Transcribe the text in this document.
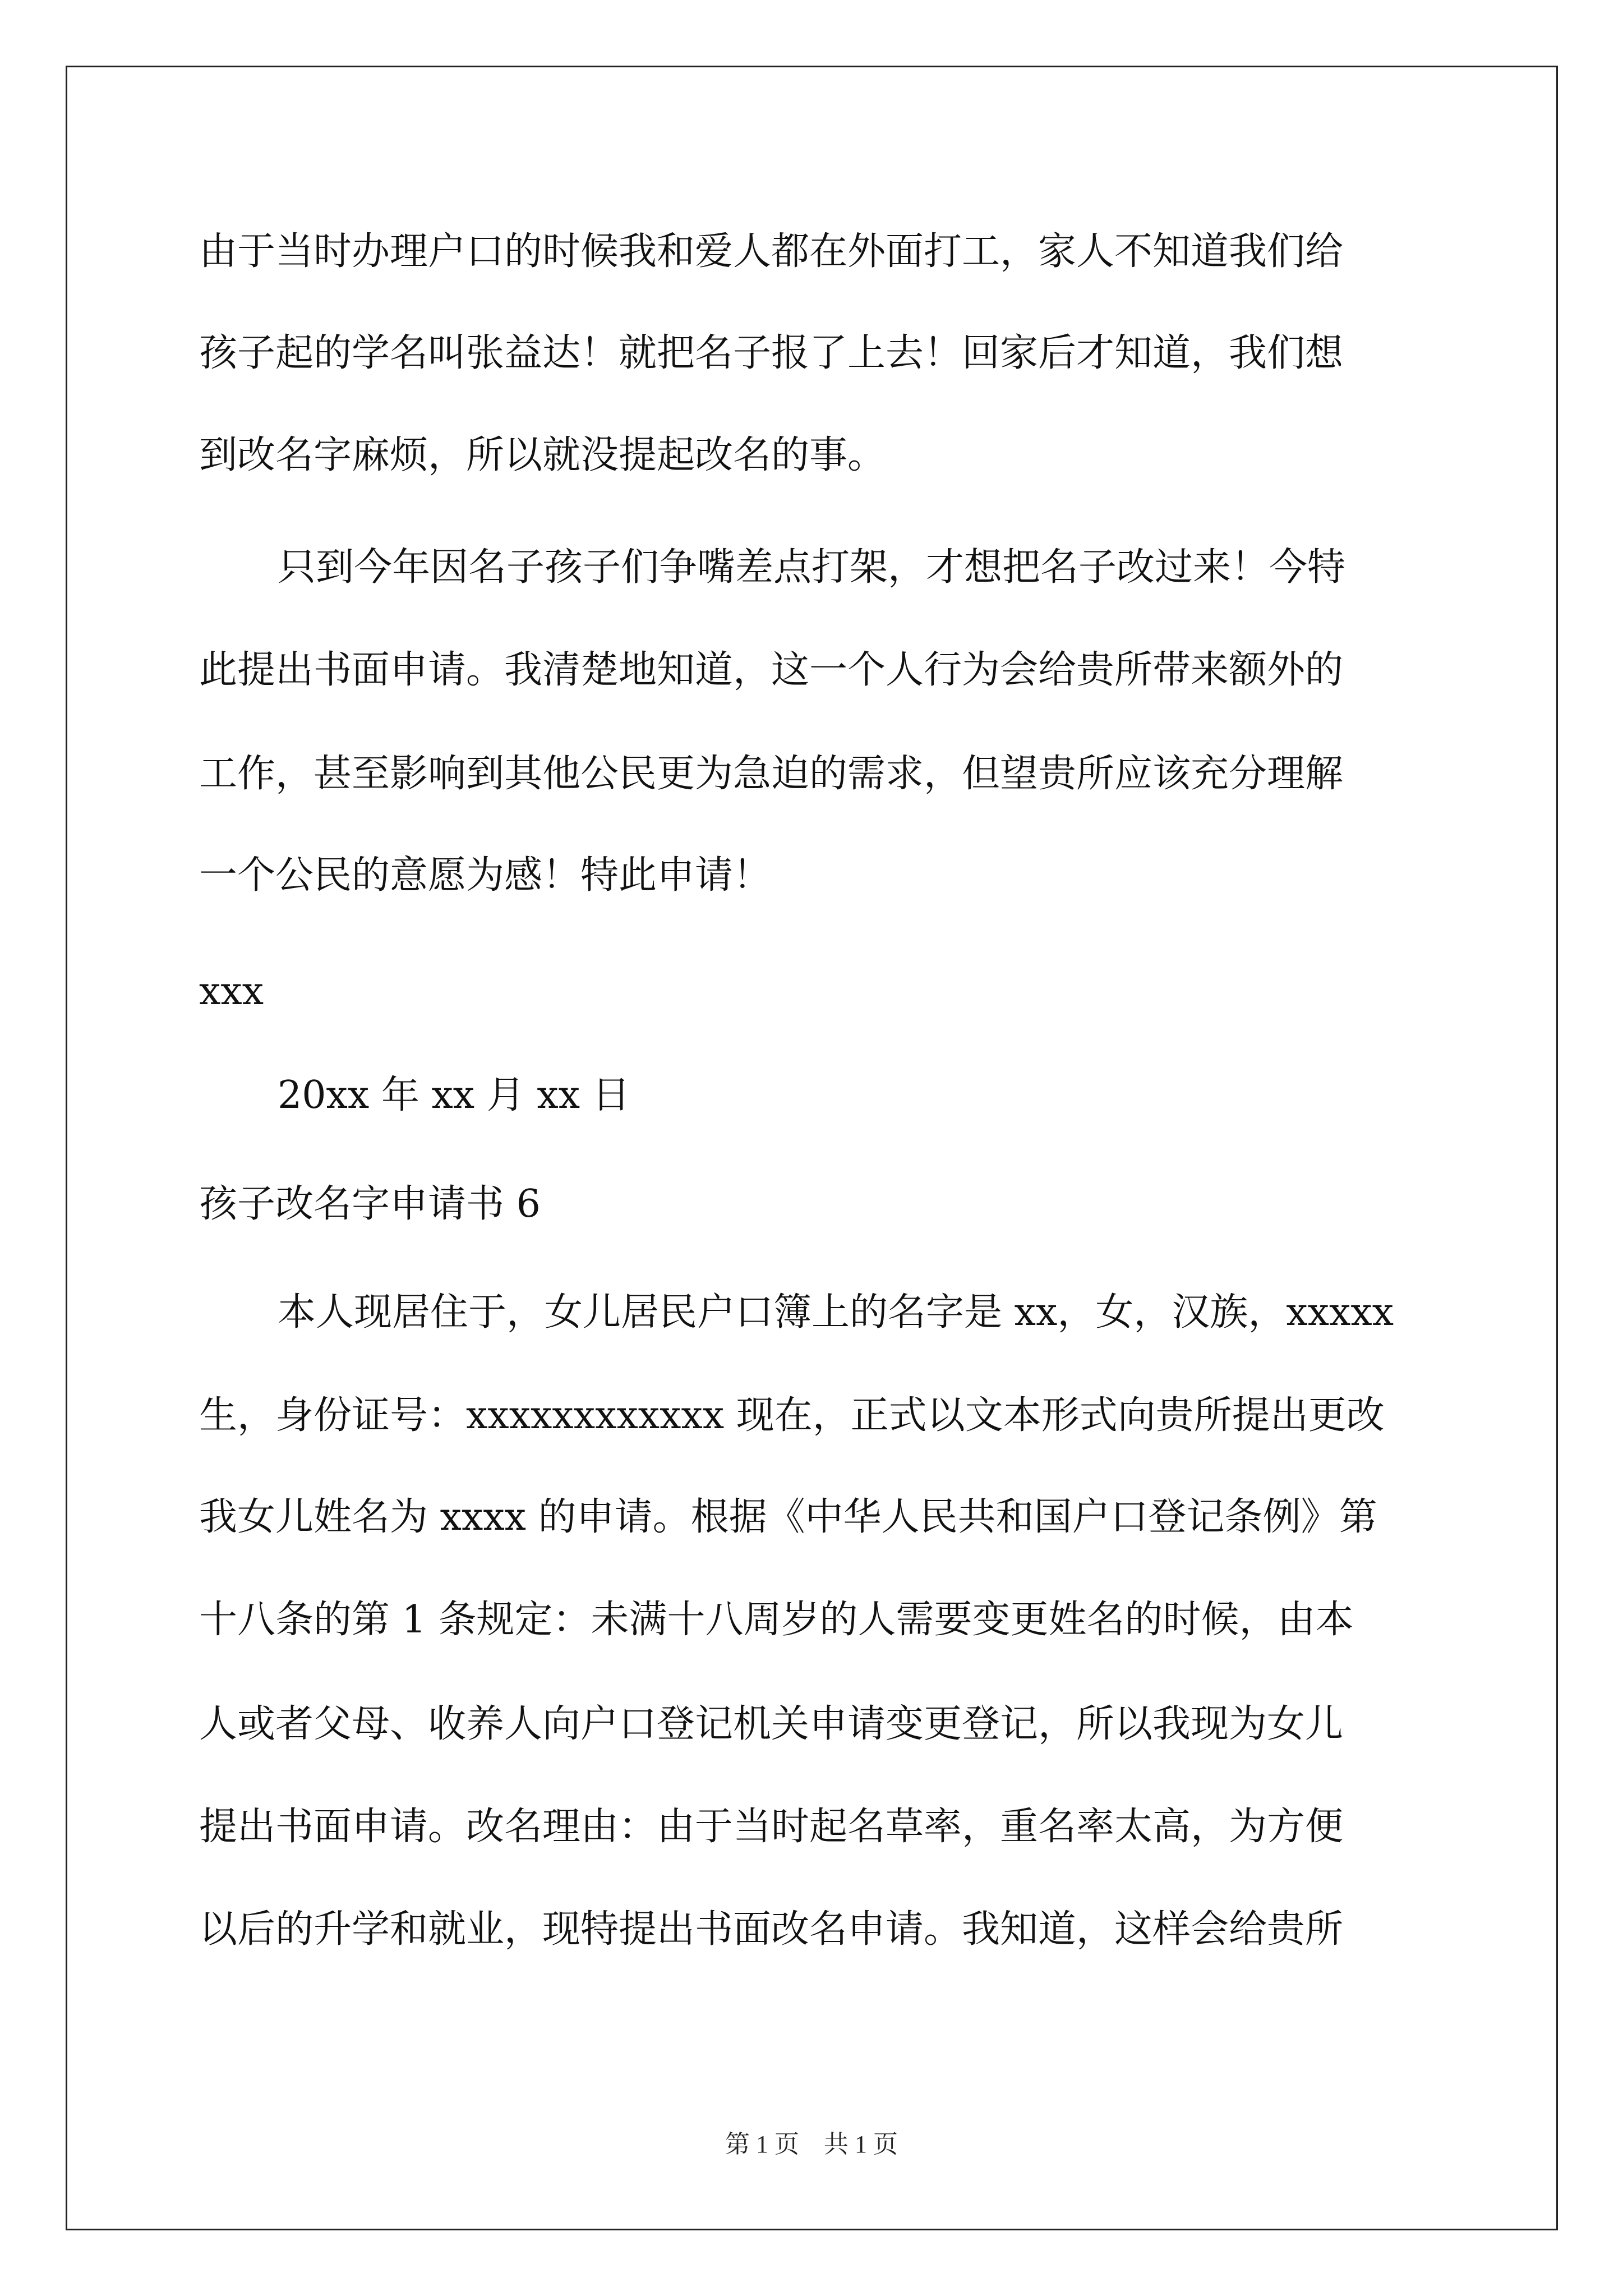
由于当时办理户口的时候我和爱人都在外面打工，家人不知道我们给
孩子起的学名叫张益达！就把名子报了上去！回家后才知道，我们想
到改名字麻烦，所以就没提起改名的事。
只到今年因名子孩子们争嘴差点打架，才想把名子改过来！今特
此提出书面申请。我清楚地知道，这一个人行为会给贵所带来额外的
工作，甚至影响到其他公民更为急迫的需求，但望贵所应该充分理解
一个公民的意愿为感！特此申请！
xxx
20xx 年 xx 月 xx 日
孩子改名字申请书 6
本人现居住于，女儿居民户口簿上的名字是 xx，女，汉族，xxxxx
生，身份证号：xxxxxxxxxxxx 现在，正式以文本形式向贵所提出更改
我女儿姓名为 xxxx 的申请。根据《中华人民共和国户口登记条例》第
十八条的第 1 条规定：未满十八周岁的人需要变更姓名的时候，由本
人或者父母、收养人向户口登记机关申请变更登记，所以我现为女儿
提出书面申请。改名理由：由于当时起名草率，重名率太高，为方便
以后的升学和就业，现特提出书面改名申请。我知道，这样会给贵所
第 1 页　共 1 页
